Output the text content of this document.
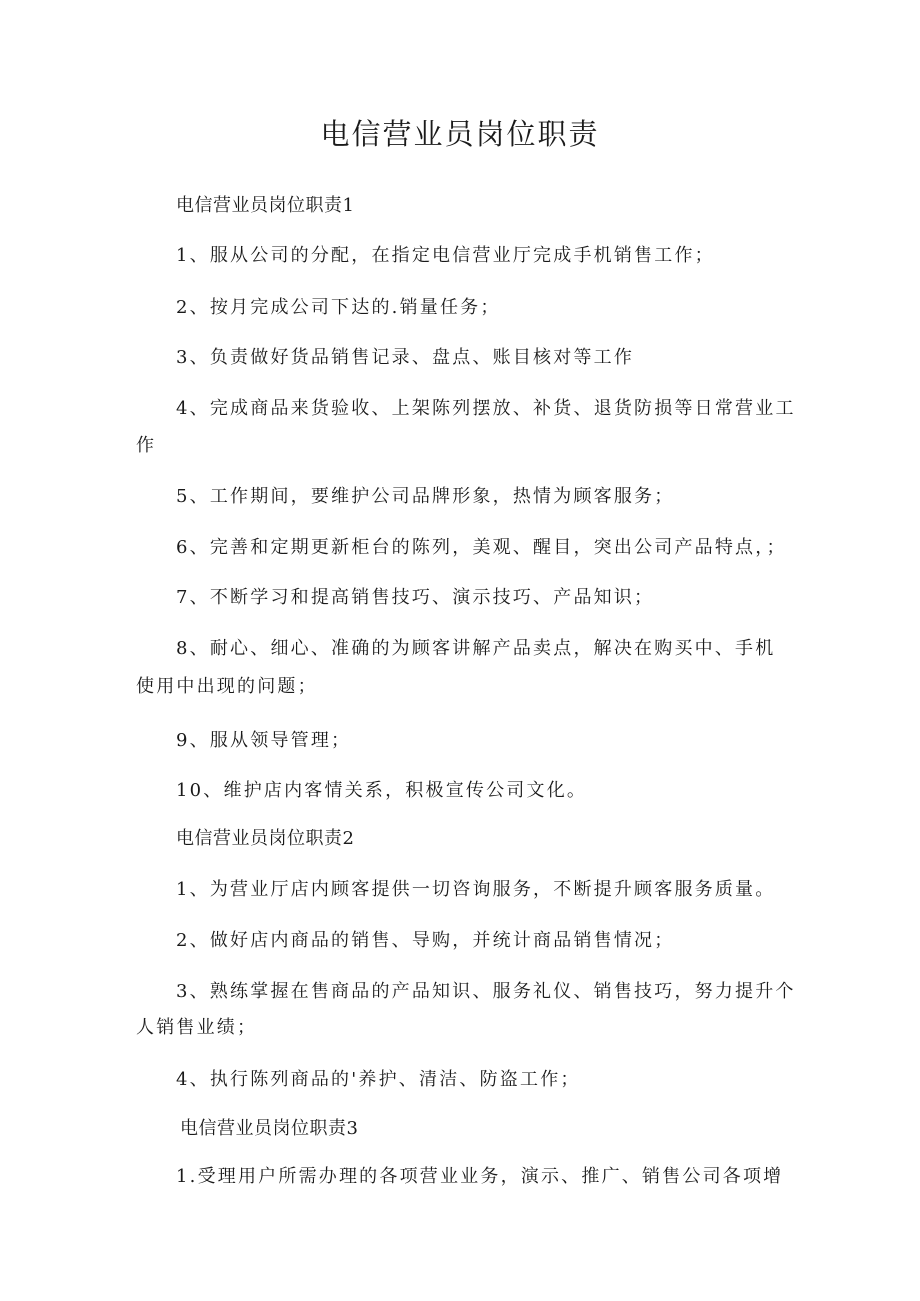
电信营业员岗位职责

电信营业员岗位职责1

1、服从公司的分配，在指定电信营业厅完成手机销售工作；

2、按月完成公司下达的.销量任务；

3、负责做好货品销售记录、盘点、账目核对等工作

4、完成商品来货验收、上架陈列摆放、补货、退货防损等日常营业工

作

5、工作期间，要维护公司品牌形象，热情为顾客服务；

6、完善和定期更新柜台的陈列，美观、醒目，突出公司产品特点，；

7、不断学习和提高销售技巧、演示技巧、产品知识；

8、耐心、细心、准确的为顾客讲解产品卖点，解决在购买中、手机

使用中出现的问题；

9、服从领导管理；

10、维护店内客情关系，积极宣传公司文化。

电信营业员岗位职责2

1、为营业厅店内顾客提供一切咨询服务，不断提升顾客服务质量。

2、做好店内商品的销售、导购，并统计商品销售情况；

3、熟练掌握在售商品的产品知识、服务礼仪、销售技巧，努力提升个

人销售业绩；

4、执行陈列商品的'养护、清洁、防盗工作；

电信营业员岗位职责3

1.受理用户所需办理的各项营业业务，演示、推广、销售公司各项增
